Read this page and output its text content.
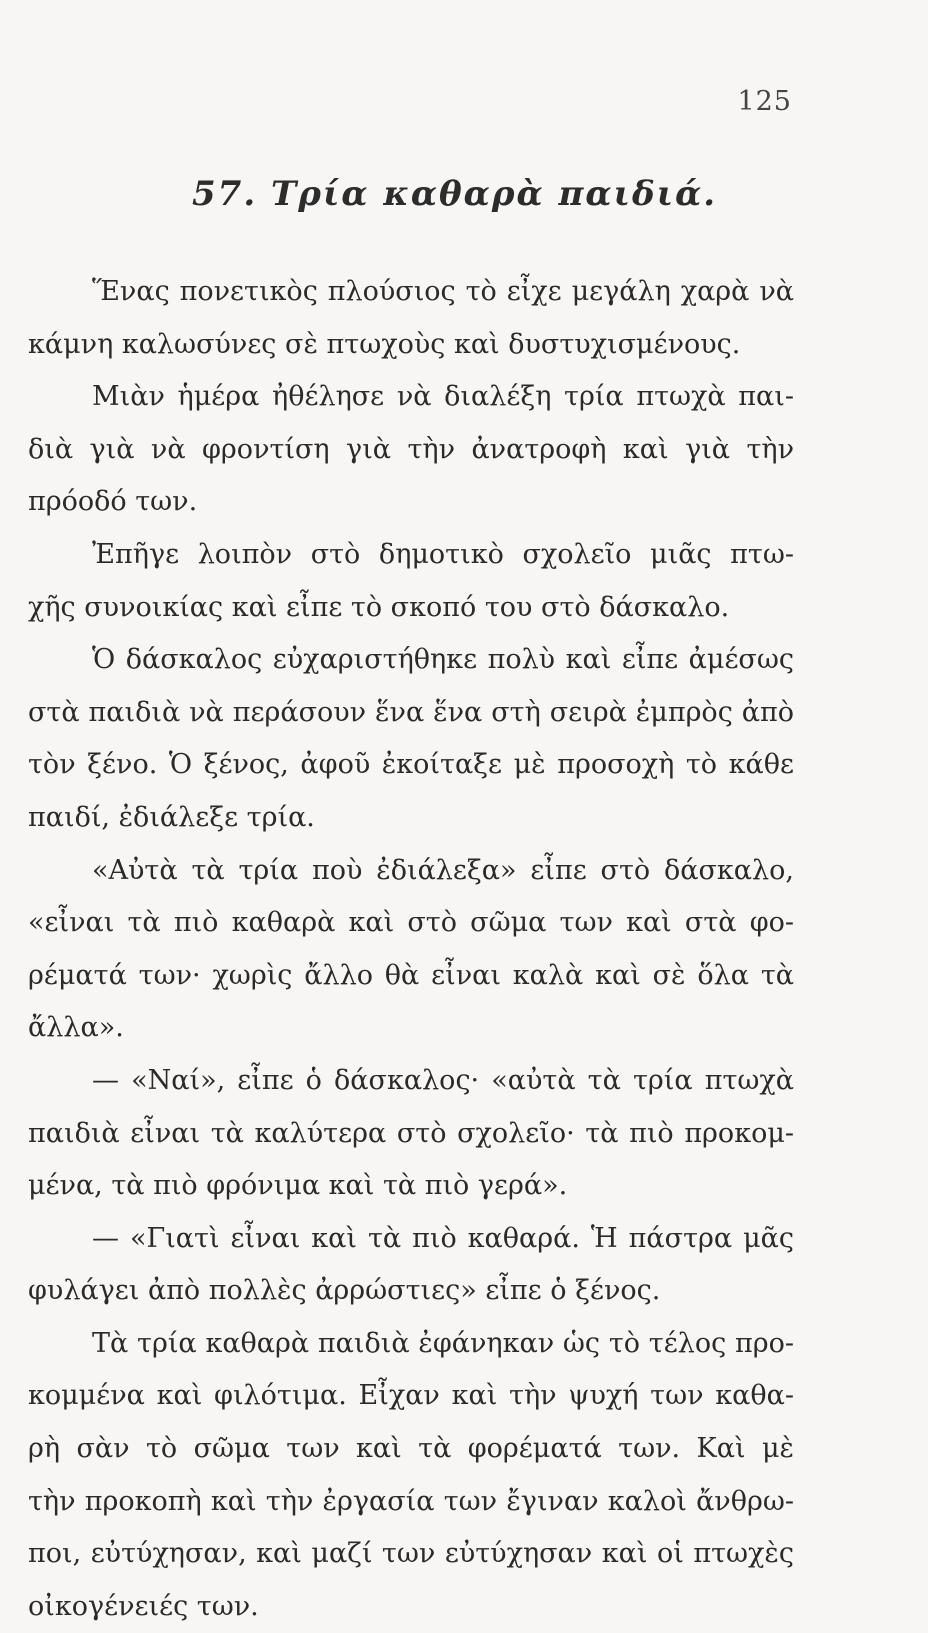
125
57. Τρία καθαρὰ παιδιά.
Ἕνας πονετικὸς πλούσιος τὸ εἶχε μεγάλη χαρὰ νὰ
κάμνη καλωσύνες σὲ πτωχοὺς καὶ δυστυχισμένους.
Μιὰν ἡμέρα ἠθέλησε νὰ διαλέξη τρία πτωχὰ παι-
διὰ γιὰ νὰ φροντίση γιὰ τὴν ἀνατροφὴ καὶ γιὰ τὴν
πρόοδό των.
Ἐπῆγε λοιπὸν στὸ δημοτικὸ σχολεῖο μιᾶς πτω-
χῆς συνοικίας καὶ εἶπε τὸ σκοπό του στὸ δάσκαλο.
Ὁ δάσκαλος εὐχαριστήθηκε πολὺ καὶ εἶπε ἀμέσως
στὰ παιδιὰ νὰ περάσουν ἕνα ἕνα στὴ σειρὰ ἐμπρὸς ἀπὸ
τὸν ξένο. Ὁ ξένος, ἀφοῦ ἐκοίταξε μὲ προσοχὴ τὸ κάθε
παιδί, ἐδιάλεξε τρία.
«Αὐτὰ τὰ τρία ποὺ ἐδιάλεξα» εἶπε στὸ δάσκαλο,
«εἶναι τὰ πιὸ καθαρὰ καὶ στὸ σῶμα των καὶ στὰ φο-
ρέματά των· χωρὶς ἄλλο θὰ εἶναι καλὰ καὶ σὲ ὅλα τὰ
ἄλλα».
— «Ναί», εἶπε ὁ δάσκαλος· «αὐτὰ τὰ τρία πτωχὰ
παιδιὰ εἶναι τὰ καλύτερα στὸ σχολεῖο· τὰ πιὸ προκομ-
μένα, τὰ πιὸ φρόνιμα καὶ τὰ πιὸ γερά».
— «Γιατὶ εἶναι καὶ τὰ πιὸ καθαρά. Ἡ πάστρα μᾶς
φυλάγει ἀπὸ πολλὲς ἀρρώστιες» εἶπε ὁ ξένος.
Τὰ τρία καθαρὰ παιδιὰ ἐφάνηκαν ὡς τὸ τέλος προ-
κομμένα καὶ φιλότιμα. Εἶχαν καὶ τὴν ψυχή των καθα-
ρὴ σὰν τὸ σῶμα των καὶ τὰ φορέματά των. Καὶ μὲ
τὴν προκοπὴ καὶ τὴν ἐργασία των ἔγιναν καλοὶ ἄνθρω-
ποι, εὐτύχησαν, καὶ μαζί των εὐτύχησαν καὶ οἱ πτωχὲς
οἰκογένειές των.
